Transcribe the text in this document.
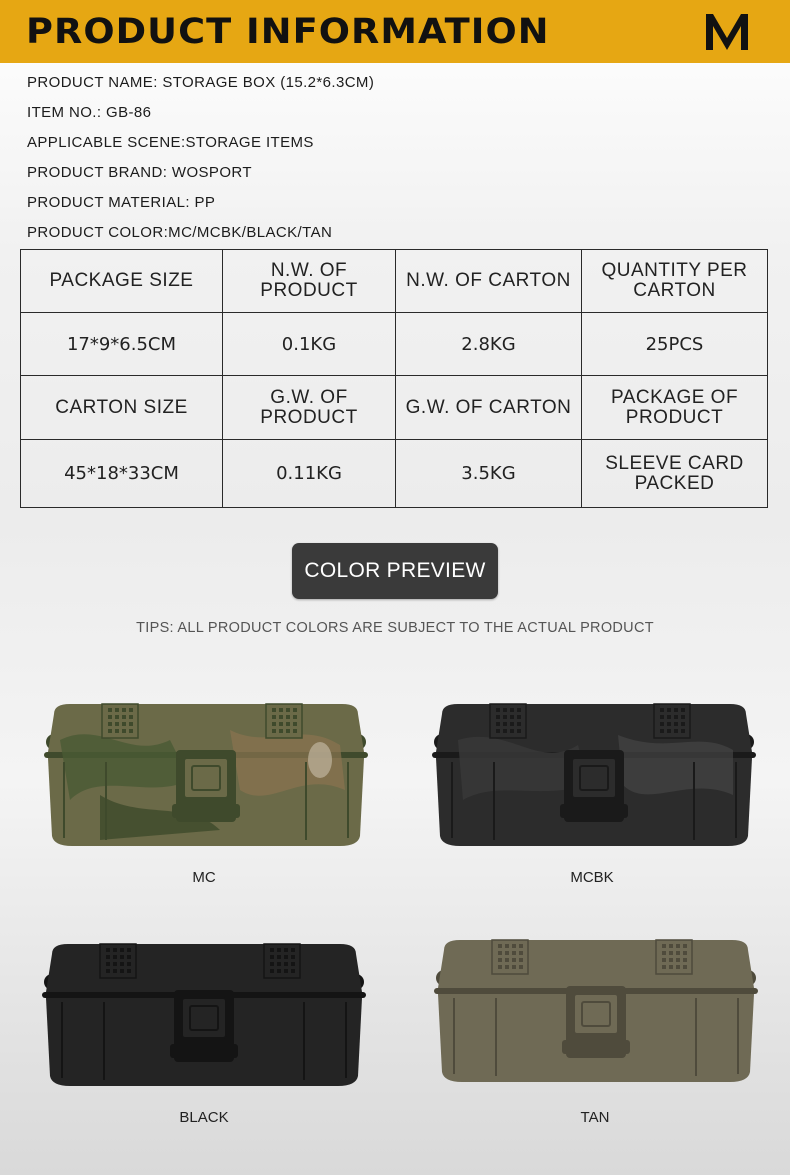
PRODUCT INFORMATION
PRODUCT NAME: STORAGE BOX (15.2*6.3CM)
ITEM NO.: GB-86
APPLICABLE SCENE:STORAGE ITEMS
PRODUCT BRAND: WOSPORT
PRODUCT MATERIAL: PP
PRODUCT COLOR:MC/MCBK/BLACK/TAN
PACKAGE SIZE	N.W. OF PRODUCT	N.W. OF CARTON	QUANTITY PER CARTON
17*9*6.5CM	0.1KG	2.8KG	25PCS
CARTON SIZE	G.W. OF PRODUCT	G.W. OF CARTON	PACKAGE OF PRODUCT
45*18*33CM	0.11KG	3.5KG	SLEEVE CARD PACKED
COLOR PREVIEW
TIPS: ALL PRODUCT COLORS ARE SUBJECT TO THE ACTUAL PRODUCT
MC	MCBK
BLACK	TAN
